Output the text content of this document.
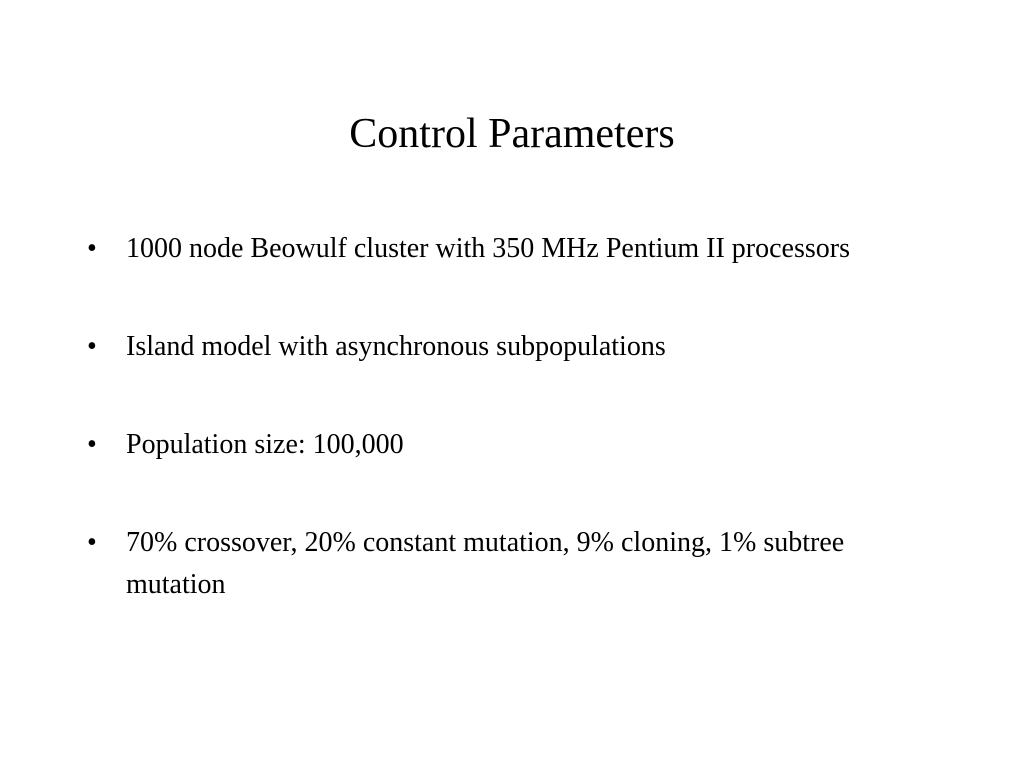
Control Parameters
•	1000 node Beowulf cluster with 350 MHz Pentium II processors
•	Island model with asynchronous subpopulations
•	Population size: 100,000
•	70% crossover, 20% constant mutation, 9% cloning, 1% subtree mutation
